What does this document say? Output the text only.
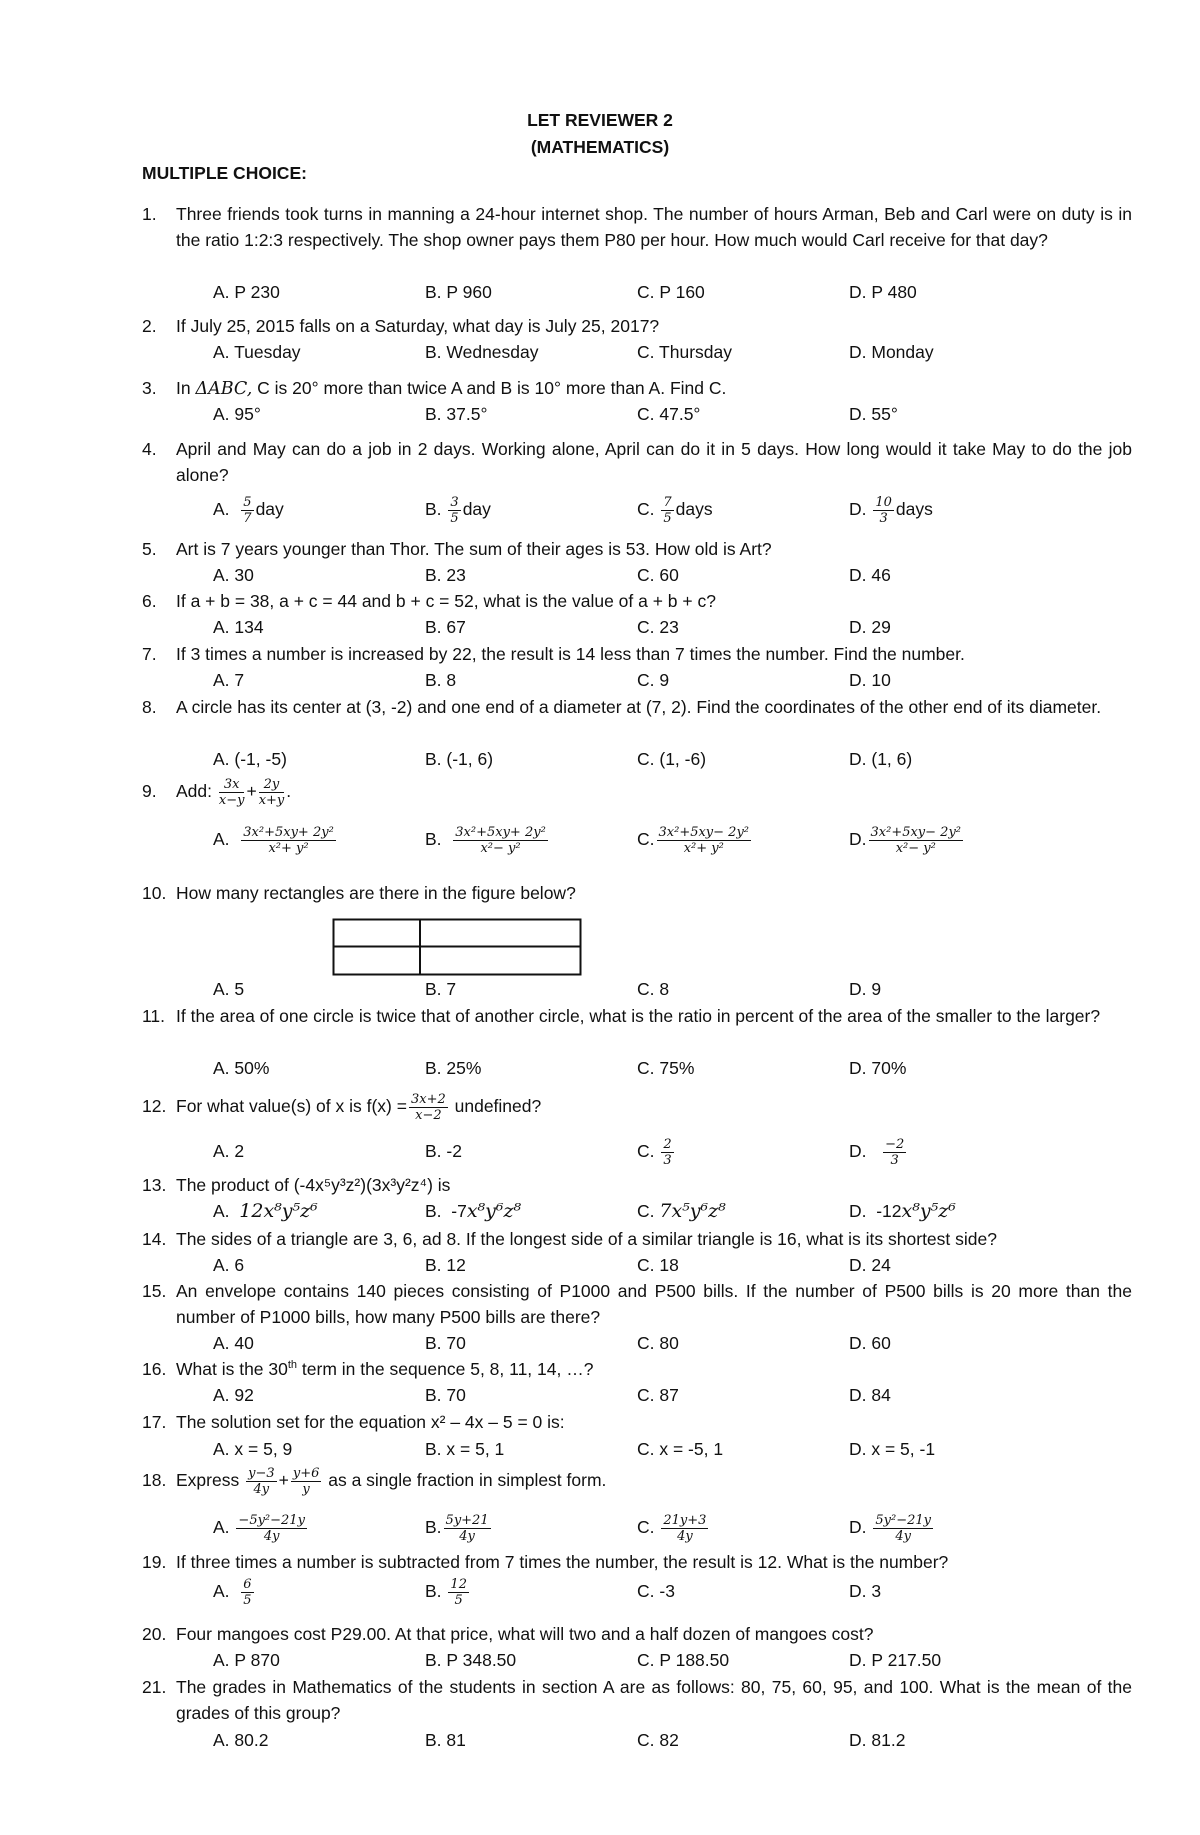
LET REVIEWER 2
(MATHEMATICS)
MULTIPLE CHOICE:
1.	Three friends took turns in manning a 24-hour internet shop. The number of hours Arman, Beb and Carl were on duty is in the ratio 1:2:3 respectively. The shop owner pays them P80 per hour. How much would Carl receive for that day?
A. P 230	B. P 960	C. P 160	D. P 480
2.	If July 25, 2015 falls on a Saturday, what day is July 25, 2017?
A. Tuesday	B. Wednesday	C. Thursday	D. Monday
3.	In ΔABC, C is 20° more than twice A and B is 10° more than A. Find C.
A. 95°	B. 37.5°	C. 47.5°	D. 55°
4.	April and May can do a job in 2 days. Working alone, April can do it in 5 days. How long would it take May to do the job alone?
A. $\frac{5}{7}$ day	B. $\frac{3}{5}$ day	C. $\frac{7}{5}$ days	D. $\frac{10}{3}$ days
5.	Art is 7 years younger than Thor. The sum of their ages is 53. How old is Art?
A. 30	B. 23	C. 60	D. 46
6.	If a + b = 38, a + c = 44 and b + c = 52, what is the value of a + b + c?
A. 134	B. 67	C. 23	D. 29
7.	If 3 times a number is increased by 22, the result is 14 less than 7 times the number. Find the number.
A. 7	B. 8	C. 9	D. 10
8.	A circle has its center at (3, -2) and one end of a diameter at (7, 2). Find the coordinates of the other end of its diameter.
A. (-1, -5)	B. (-1, 6)	C. (1, -6)	D. (1, 6)
9.	Add: $\frac{3x}{x-y} + \frac{2y}{x+y}$ .
A. $\frac{\text{3x²+5xy+ 2y²}}{\text{x²+ y²}}$	B. $\frac{\text{3x²+5xy+ 2y²}}{\text{x²− y²}}$	C. $\frac{\text{3x²+5xy− 2y²}}{\text{x²+ y²}}$	D. $\frac{\text{3x²+5xy− 2y²}}{\text{x²− y²}}$
10. How many rectangles are there in the figure below?
A. 5	B. 7	C. 8	D. 9
11. If the area of one circle is twice that of another circle, what is the ratio in percent of the area of the smaller to the larger?
A. 50%	B. 25%	C. 75%	D. 70%
12. For what value(s) of x is $f(x) = \frac{3x+2}{x-2}$ undefined?
A. 2	B. -2	C. $\frac{2}{3}$	D. $\frac{-2}{3}$
13. The product of (-4x⁵y³z²)(3x³y²z⁴) is
A. 12x⁸y⁵z⁶	B. -7x⁸y⁶z⁸	C. 7x⁵y⁶z⁸	D. -12x⁸y⁵z⁶
14. The sides of a triangle are 3, 6, ad 8. If the longest side of a similar triangle is 16, what is its shortest side?
A. 6	B. 12	C. 18	D. 24
15. An envelope contains 140 pieces consisting of P1000 and P500 bills. If the number of P500 bills is 20 more than the number of P1000 bills, how many P500 bills are there?
A. 40	B. 70	C. 80	D. 60
16. What is the 30th term in the sequence 5, 8, 11, 14, …?
A. 92	B. 70	C. 87	D. 84
17. The solution set for the equation x² – 4x – 5 = 0 is:
A. x = 5, 9	B. x = 5, 1	C. x = -5, 1	D. x = 5, -1
18. Express $\frac{y-3}{4y} + \frac{y+6}{y}$ as a single fraction in simplest form.
A. $\frac{\text{−5y²−21y}}{4y}$	B. $\frac{5y+21}{4y}$	C. $\frac{21y+3}{4y}$	D. $\frac{\text{5y²−21y}}{4y}$
19. If three times a number is subtracted from 7 times the number, the result is 12. What is the number?
A. $\frac{6}{5}$	B. $\frac{12}{5}$	C. -3	D. 3
20. Four mangoes cost P29.00. At that price, what will two and a half dozen of mangoes cost?
A. P 870	B. P 348.50	C. P 188.50	D. P 217.50
21. The grades in Mathematics of the students in section A are as follows: 80, 75, 60, 95, and 100. What is the mean of the grades of this group?
A. 80.2	B. 81	C. 82	D. 81.2
